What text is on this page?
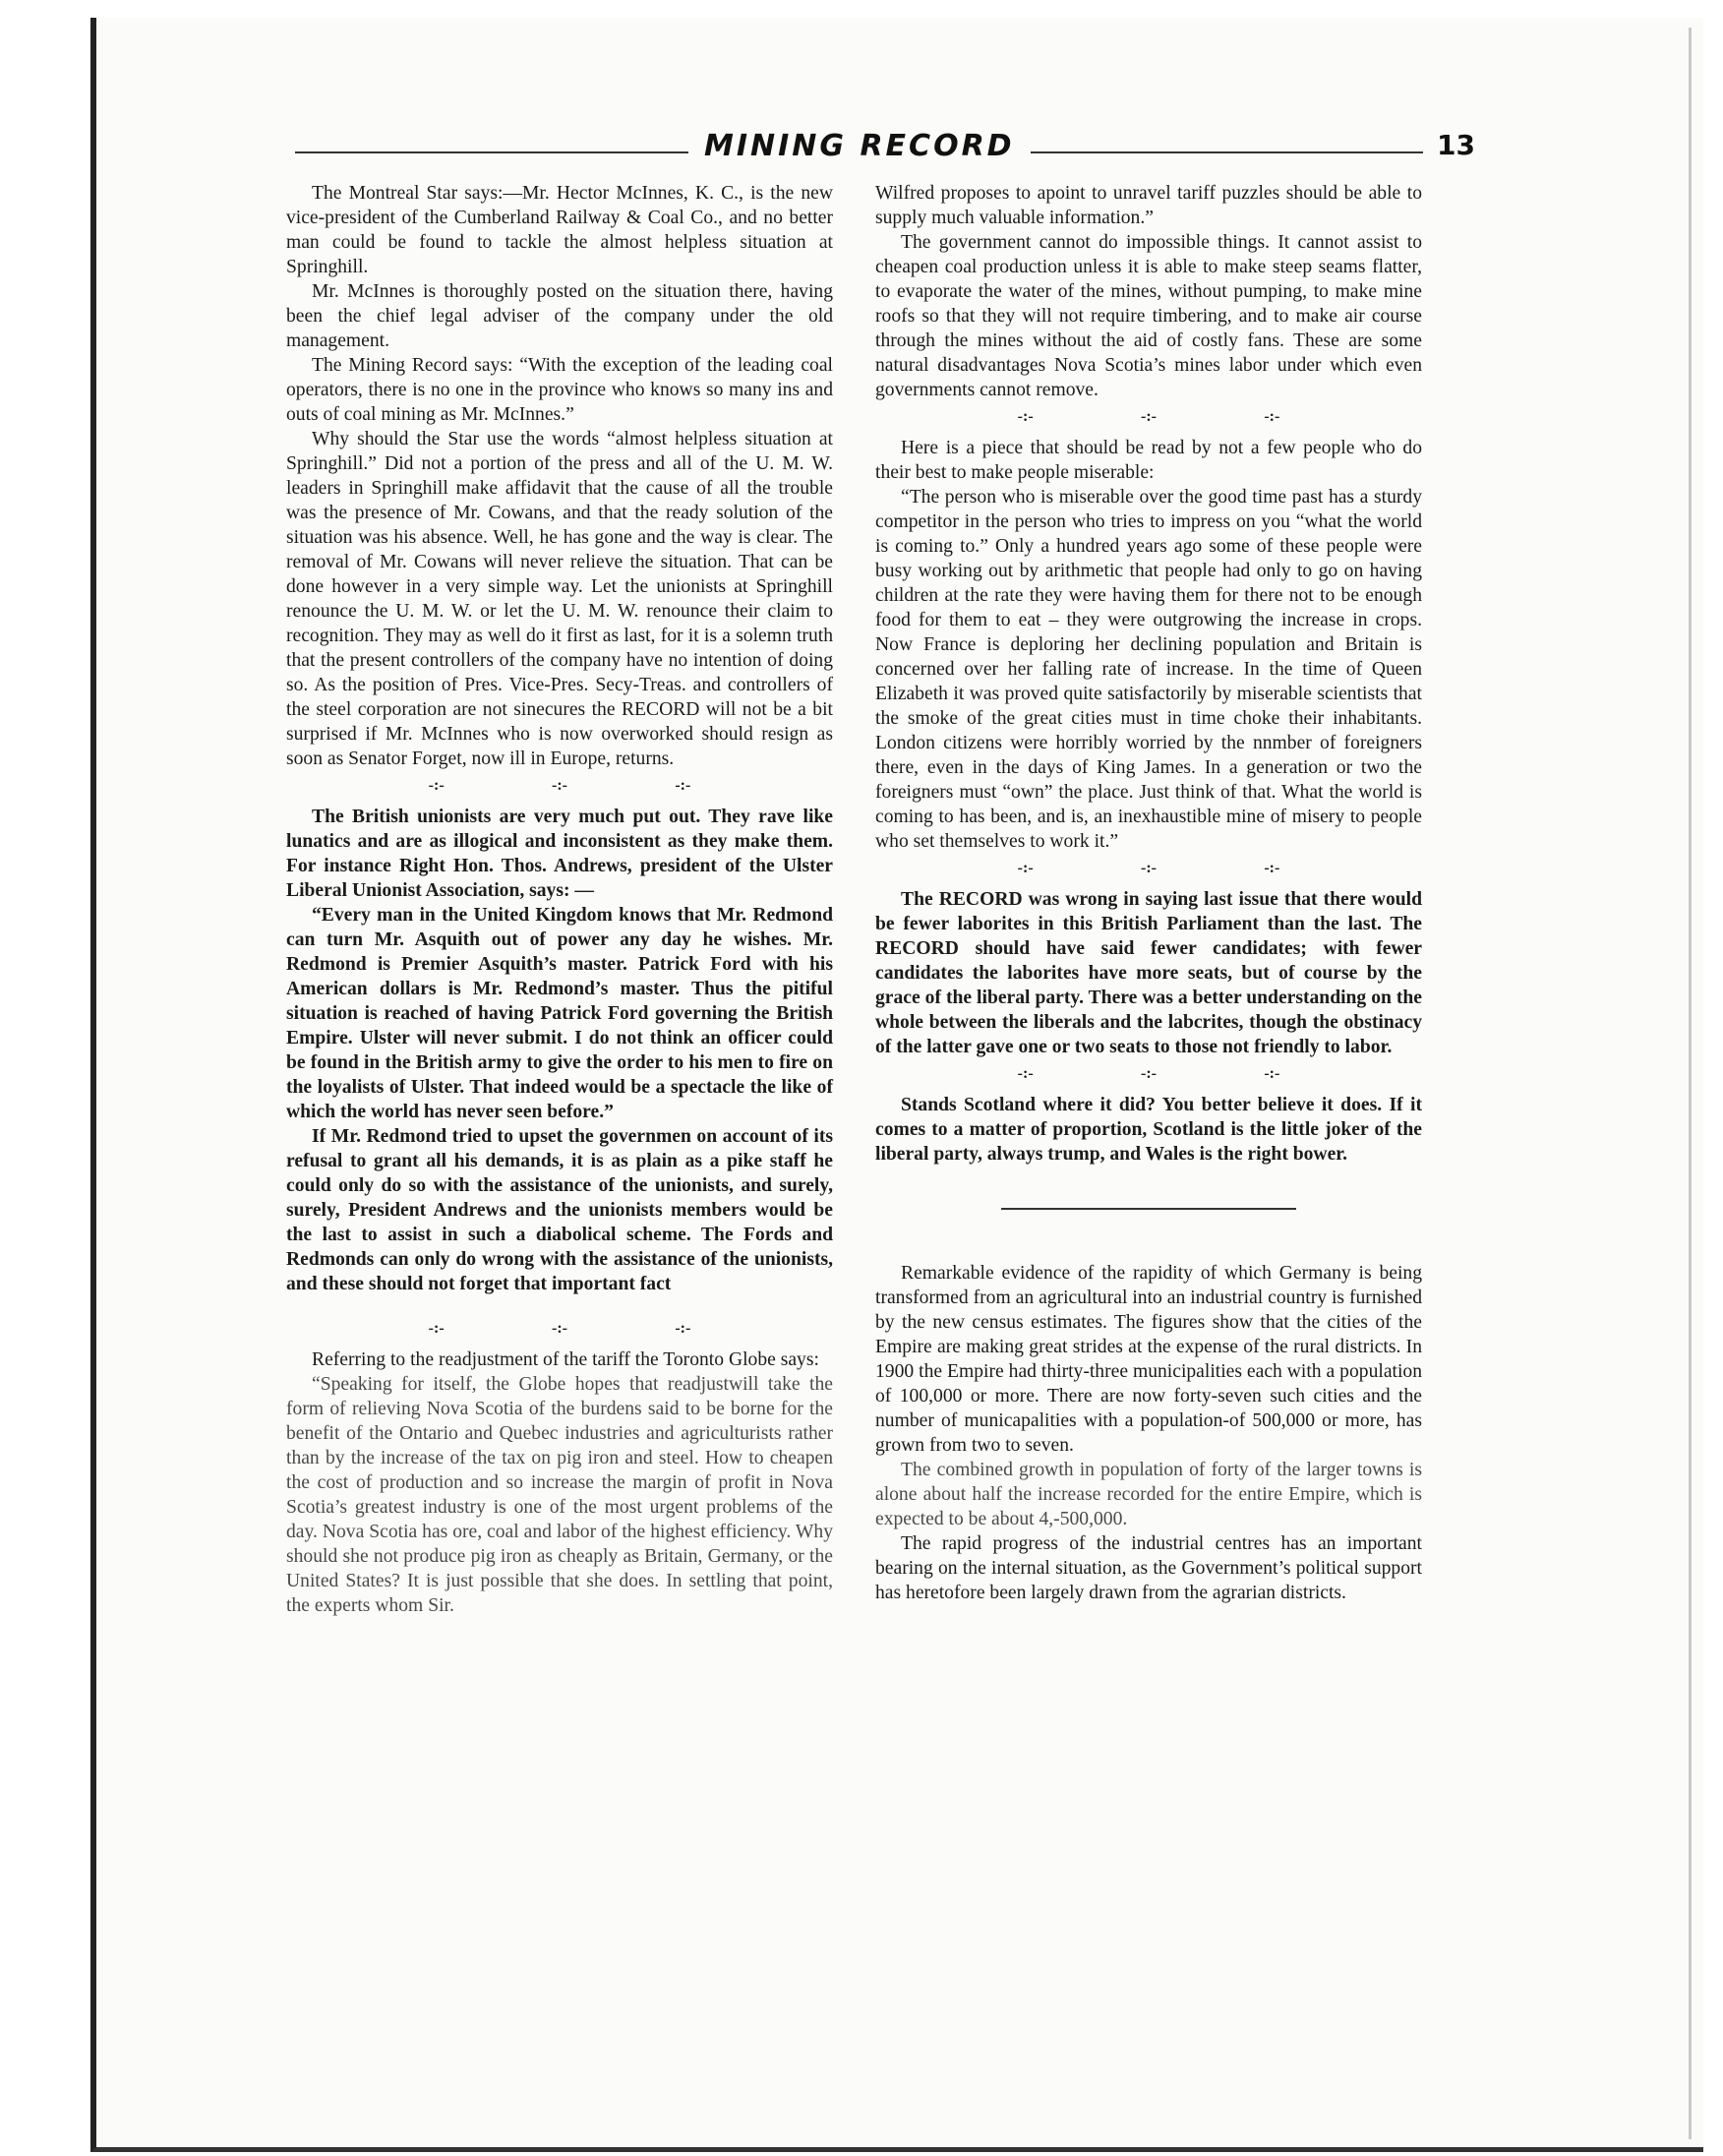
MINING RECORD	13

The Montreal Star says:—Mr. Hector McInnes, K. C., is the new vice-president of the Cumberland Railway & Coal Co., and no better man could be found to tackle the almost helpless situation at Springhill.

Mr. McInnes is thoroughly posted on the situation there, having been the chief legal adviser of the company under the old management.

The Mining Record says: “With the exception of the leading coal operators, there is no one in the province who knows so many ins and outs of coal mining as Mr. McInnes.”

Why should the Star use the words “almost helpless situation at Springhill.” Did not a portion of the press and all of the U. M. W. leaders in Springhill make affidavit that the cause of all the trouble was the presence of Mr. Cowans, and that the ready solution of the situation was his absence. Well, he has gone and the way is clear. The removal of Mr. Cowans will never relieve the situation. That can be done however in a very simple way. Let the unionists at Springhill renounce the U. M. W. or let the U. M. W. renounce their claim to recognition. They may as well do it first as last, for it is a solemn truth that the present controllers of the company have no intention of doing so. As the position of Pres. Vice-Pres. Secy-Treas. and controllers of the steel corporation are not sinecures the RECORD will not be a bit surprised if Mr. McInnes who is now overworked should resign as soon as Senator Forget, now ill in Europe, returns.

-:-	-:-	-:-

The British unionists are very much put out. They rave like lunatics and are as illogical and inconsistent as they make them. For instance Right Hon. Thos. Andrews, president of the Ulster Liberal Unionist Association, says: —

“Every man in the United Kingdom knows that Mr. Redmond can turn Mr. Asquith out of power any day he wishes. Mr. Redmond is Premier Asquith’s master. Patrick Ford with his American dollars is Mr. Redmond’s master. Thus the pitiful situation is reached of having Patrick Ford governing the British Empire. Ulster will never submit. I do not think an officer could be found in the British army to give the order to his men to fire on the loyalists of Ulster. That indeed would be a spectacle the like of which the world has never seen before.”

If Mr. Redmond tried to upset the governmen on account of its refusal to grant all his demands, it is as plain as a pike staff he could only do so with the assistance of the unionists, and surely, surely, President Andrews and the unionists members would be the last to assist in such a diabolical scheme. The Fords and Redmonds can only do wrong with the assistance of the unionists, and these should not forget that important fact

-:-	-:-	-:-

Referring to the readjustment of the tariff the Toronto Globe says:

“Speaking for itself, the Globe hopes that readjustwill take the form of relieving Nova Scotia of the burdens said to be borne for the benefit of the Ontario and Quebec industries and agriculturists rather than by the increase of the tax on pig iron and steel. How to cheapen the cost of production and so increase the margin of profit in Nova Scotia’s greatest industry is one of the most urgent problems of the day. Nova Scotia has ore, coal and labor of the highest efficiency. Why should she not produce pig iron as cheaply as Britain, Germany, or the United States? It is just possible that she does. In settling that point, the experts whom Sir.

Wilfred proposes to apoint to unravel tariff puzzles should be able to supply much valuable information.”

The government cannot do impossible things. It cannot assist to cheapen coal production unless it is able to make steep seams flatter, to evaporate the water of the mines, without pumping, to make mine roofs so that they will not require timbering, and to make air course through the mines without the aid of costly fans. These are some natural disadvantages Nova Scotia’s mines labor under which even governments cannot remove.

-:-	-:-	-:-

Here is a piece that should be read by not a few people who do their best to make people miserable:

“The person who is miserable over the good time past has a sturdy competitor in the person who tries to impress on you “what the world is coming to.” Only a hundred years ago some of these people were busy working out by arithmetic that people had only to go on having children at the rate they were having them for there not to be enough food for them to eat – they were outgrowing the increase in crops. Now France is deploring her declining population and Britain is concerned over her falling rate of increase. In the time of Queen Elizabeth it was proved quite satisfactorily by miserable scientists that the smoke of the great cities must in time choke their inhabitants. London citizens were horribly worried by the nnmber of foreigners there, even in the days of King James. In a generation or two the foreigners must “own” the place. Just think of that. What the world is coming to has been, and is, an inexhaustible mine of misery to people who set themselves to work it.”

-:-	-:-	-:-

The RECORD was wrong in saying last issue that there would be fewer laborites in this British Parliament than the last. The RECORD should have said fewer candidates; with fewer candidates the laborites have more seats, but of course by the grace of the liberal party. There was a better understanding on the whole between the liberals and the labcrites, though the obstinacy of the latter gave one or two seats to those not friendly to labor.

-:-	-:-	-:-

Stands Scotland where it did? You better believe it does. If it comes to a matter of proportion, Scotland is the little joker of the liberal party, always trump, and Wales is the right bower.

Remarkable evidence of the rapidity of which Germany is being transformed from an agricultural into an industrial country is furnished by the new census estimates. The figures show that the cities of the Empire are making great strides at the expense of the rural districts. In 1900 the Empire had thirty-three municipalities each with a population of 100,000 or more. There are now forty-seven such cities and the number of municapalities with a population-of 500,000 or more, has grown from two to seven.

The combined growth in population of forty of the larger towns is alone about half the increase recorded for the entire Empire, which is expected to be about 4,-500,000.

The rapid progress of the industrial centres has an important bearing on the internal situation, as the Government’s political support has heretofore been largely drawn from the agrarian districts.
